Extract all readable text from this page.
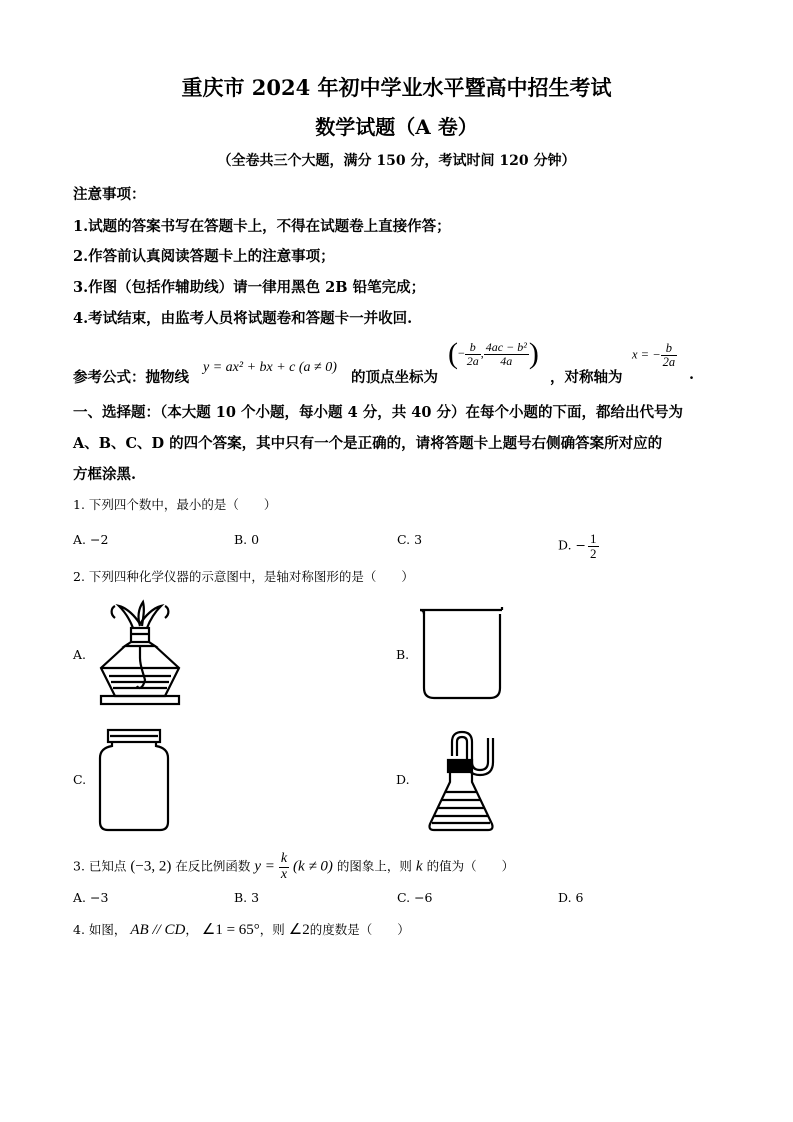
重庆市 2024 年初中学业水平暨高中招生考试
数学试题（A 卷）
（全卷共三个大题，满分 150 分，考试时间 120 分钟）
注意事项：
1.试题的答案书写在答题卡上，不得在试题卷上直接作答；
2.作答前认真阅读答题卡上的注意事项；
3.作图（包括作辅助线）请一律用黑色 2B 铅笔完成；
4.考试结束，由监考人员将试题卷和答题卡一并收回.
参考公式：抛物线
y = ax² + bx + c (a ≠ 0)
的顶点坐标为
(− $\frac{b}{2a}$ , $\frac{\text{4ac − b²}}{4a}$ )
，对称轴为
x = − $\frac{b}{2a}$
.
一、选择题：（本大题 10 个小题，每小题 4 分，共 40 分）在每个小题的下面，都给出代号为
A、B、C、D 的四个答案，其中只有一个是正确的，请将答题卡上题号右侧确答案所对应的
方框涂黑.
1. 下列四个数中，最小的是（　　）
A. −2	B. 0	C. 3	D. − $\frac{1}{2}$
2. 下列四种化学仪器的示意图中，是轴对称图形的是（　　）
A.	B.
C.	D.
3. 已知点 (−3, 2) 在反比例函数 $y = \frac{k}{x} (k \ne 0)$ 的图象上，则 k 的值为（　　）
A. −3	B. 3	C. −6	D. 6
4. 如图， AB // CD， ∠1 = 65°，则 ∠2的度数是（　　）
